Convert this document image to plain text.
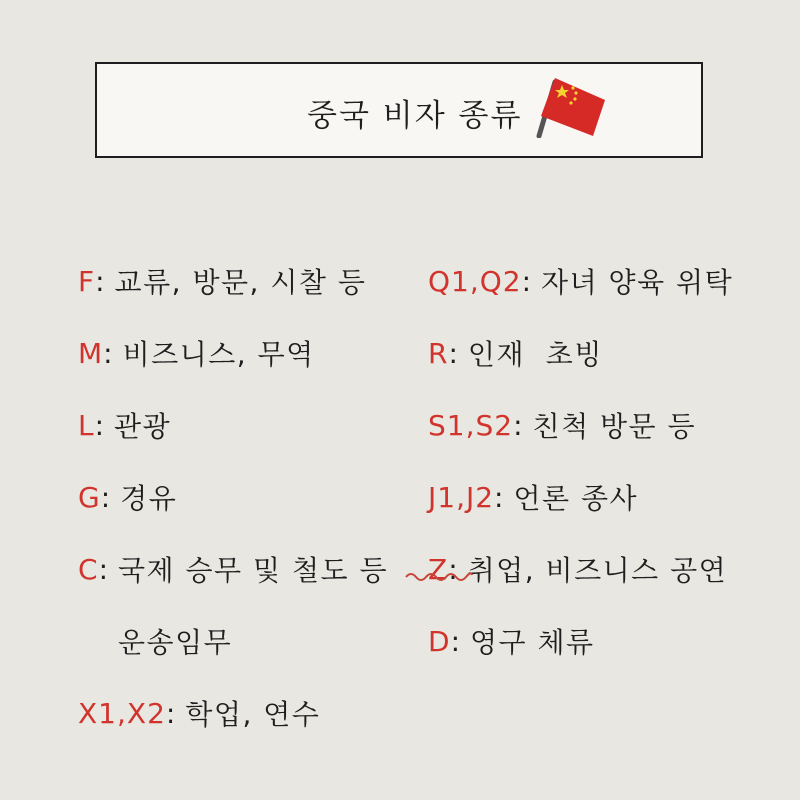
중국 비자 종류
F : 교류, 방문, 시찰 등
M : 비즈니스, 무역
L : 관광
G : 경유
C : 국제 승무 및 철도 등
운송임무
X1,X2 : 학업, 연수
Q1,Q2 : 자녀 양육 위탁
R : 인재  초빙
S1,S2 : 친척 방문 등
J1,J2 : 언론 종사
Z : 취업, 비즈니스 공연
D : 영구 체류
